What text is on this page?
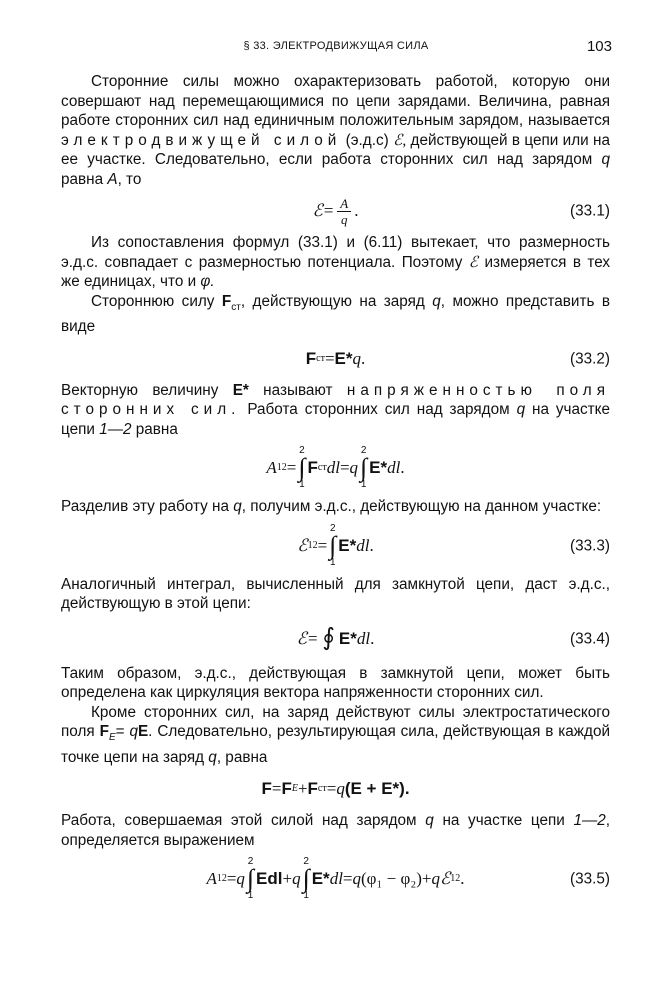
§ 33. ЭЛЕКТРОДВИЖУЩАЯ СИЛА	103

Сторонние силы можно охарактеризовать работой, которую они совершают над перемещающимися по цепи зарядами. Величина, равная работе сторонних сил над единичным положительным зарядом, называется электродвижущей силой (э.д.с) ℰ, действующей в цепи или на ее участке. Следовательно, если работа сторонних сил над зарядом q равна A, то

ℰ= $\frac{A}{q}$ .	(33.1)

Из сопоставления формул (33.1) и (6.11) вытекает, что размерность э.д.с. совпадает с размерностью потенциала. Поэтому ℰ измеряется в тех же единицах, что и φ.

Стороннюю силу $F_{ст}$, действующую на заряд q, можно представить в виде

F ст = E* q .	(33.2)

Векторную величину E* называют напряженностью поля сторонних сил. Работа сторонних сил над зарядом q на участке цепи 1—2 равна

A 12 =
2
∫
1
F ст dl = q
2
∫
1
E* dl .

Разделив эту работу на q, получим э.д.с., действующую на данном участке:

ℰ 12 =
2
∫
1
E* dl .	(33.3)

Аналогичный интеграл, вычисленный для замкнутой цепи, даст э.д.с., действующую в этой цепи:

ℰ= ∮ E* dl .	(33.4)

Таким образом, э.д.с., действующая в замкнутой цепи, может быть определена как циркуляция вектора напряженности сторонних сил.

Кроме сторонних сил, на заряд действуют силы электростатического поля $F_E=$ qE. Следовательно, результирующая сила, действующая в каждой точке цепи на заряд q, равна

F = F E + F ст = q (E + E*).

Работа, совершаемая этой силой над зарядом q на участке цепи 1—2, определяется выражением

A 12 = q
2
∫
1
Edl + q
2
∫
1
E* dl = q (φ₁ − φ₂) + q ℰ 12 .	(33.5)
